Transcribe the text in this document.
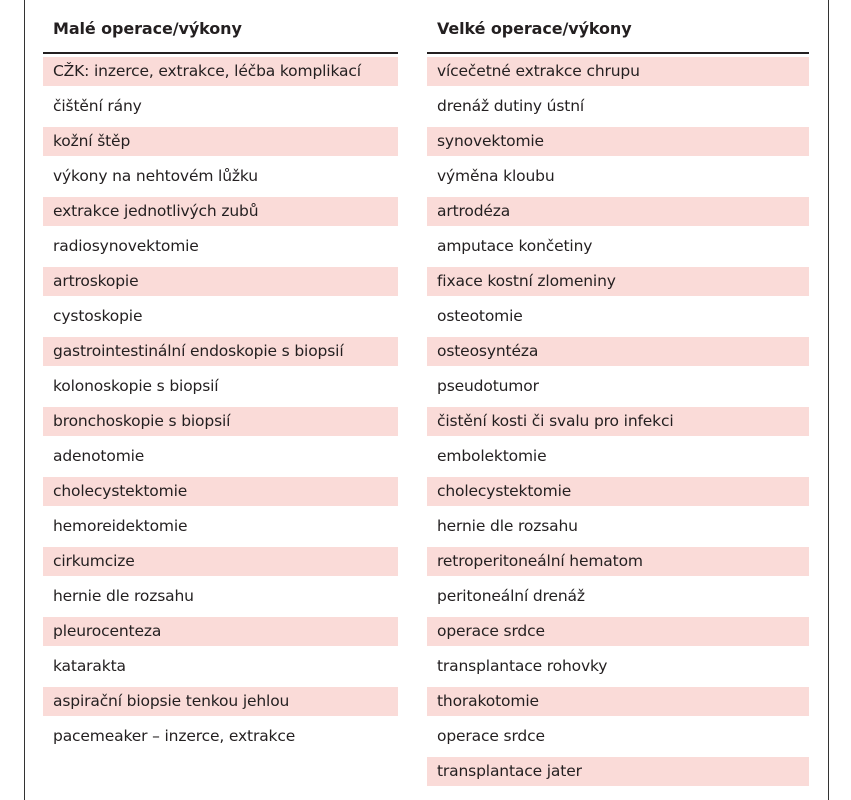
Malé operace/výkony
CŽK: inzerce, extrakce, léčba komplikací
čištění rány
kožní štěp
výkony na nehtovém lůžku
extrakce jednotlivých zubů
radiosynovektomie
artroskopie
cystoskopie
gastrointestinální endoskopie s biopsií
kolonoskopie s biopsií
bronchoskopie s biopsií
adenotomie
cholecystektomie
hemoreidektomie
cirkumcize
hernie dle rozsahu
pleurocenteza
katarakta
aspirační biopsie tenkou jehlou
pacemeaker – inzerce, extrakce
Velké operace/výkony
vícečetné extrakce chrupu
drenáž dutiny ústní
synovektomie
výměna kloubu
artrodéza
amputace končetiny
fixace kostní zlomeniny
osteotomie
osteosyntéza
pseudotumor
čistění kosti či svalu pro infekci
embolektomie
cholecystektomie
hernie dle rozsahu
retroperitoneální hematom
peritoneální drenáž
operace srdce
transplantace rohovky
thorakotomie
operace srdce
transplantace jater
